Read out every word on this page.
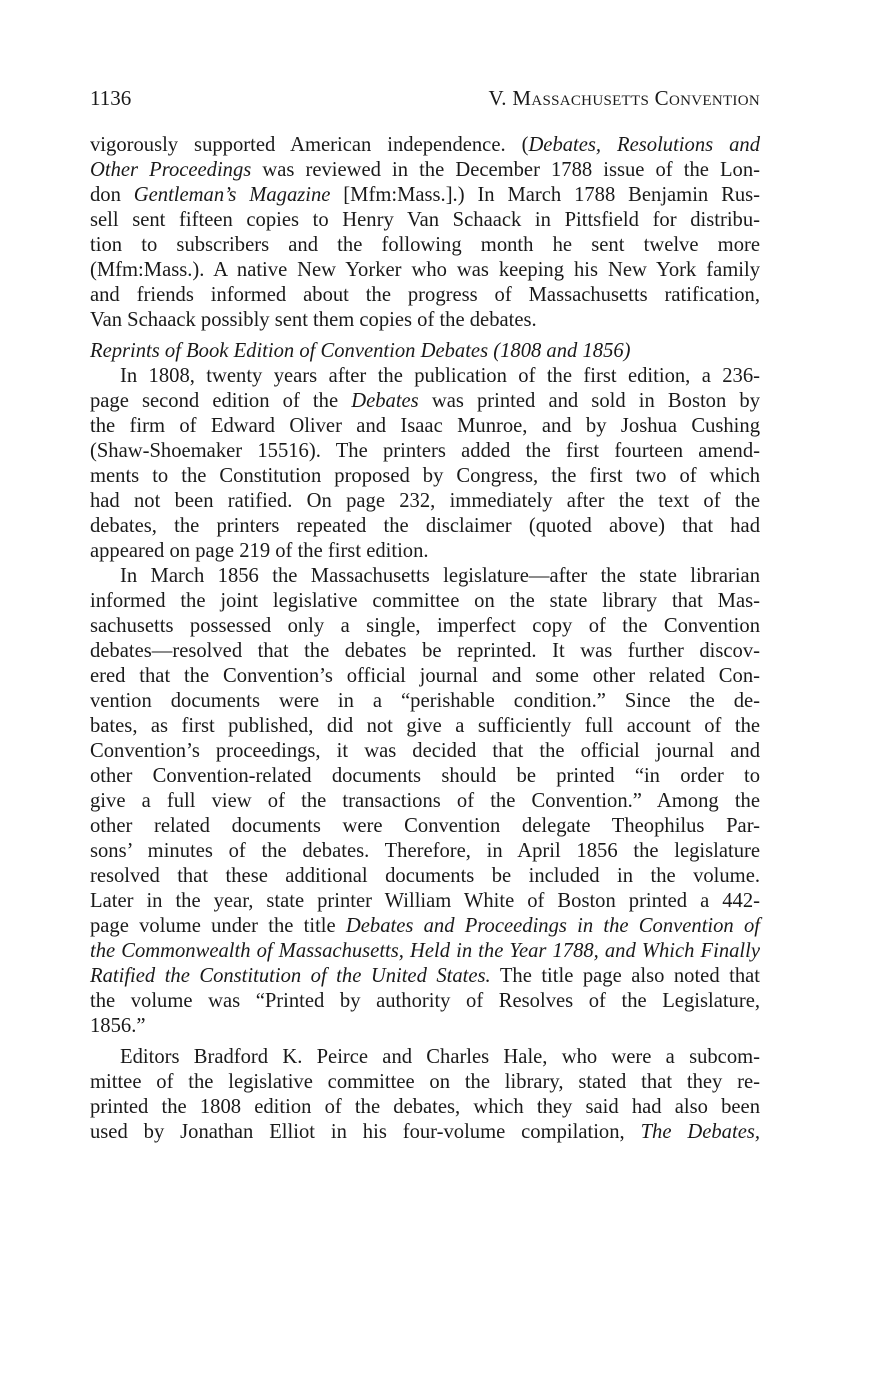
1136	V. Massachusetts Convention
vigorously supported American independence. (Debates, Resolutions and
Other Proceedings was reviewed in the December 1788 issue of the Lon-
don Gentleman’s Magazine [Mfm:Mass.].) In March 1788 Benjamin Rus-
sell sent fifteen copies to Henry Van Schaack in Pittsfield for distribu-
tion to subscribers and the following month he sent twelve more
(Mfm:Mass.). A native New Yorker who was keeping his New York family
and friends informed about the progress of Massachusetts ratification,
Van Schaack possibly sent them copies of the debates.
Reprints of Book Edition of Convention Debates (1808 and 1856)
In 1808, twenty years after the publication of the first edition, a 236-
page second edition of the Debates was printed and sold in Boston by
the firm of Edward Oliver and Isaac Munroe, and by Joshua Cushing
(Shaw-Shoemaker 15516). The printers added the first fourteen amend-
ments to the Constitution proposed by Congress, the first two of which
had not been ratified. On page 232, immediately after the text of the
debates, the printers repeated the disclaimer (quoted above) that had
appeared on page 219 of the first edition.
In March 1856 the Massachusetts legislature—after the state librarian
informed the joint legislative committee on the state library that Mas-
sachusetts possessed only a single, imperfect copy of the Convention
debates—resolved that the debates be reprinted. It was further discov-
ered that the Convention’s official journal and some other related Con-
vention documents were in a “perishable condition.” Since the de-
bates, as first published, did not give a sufficiently full account of the
Convention’s proceedings, it was decided that the official journal and
other Convention-related documents should be printed “in order to
give a full view of the transactions of the Convention.” Among the
other related documents were Convention delegate Theophilus Par-
sons’ minutes of the debates. Therefore, in April 1856 the legislature
resolved that these additional documents be included in the volume.
Later in the year, state printer William White of Boston printed a 442-
page volume under the title Debates and Proceedings in the Convention of
the Commonwealth of Massachusetts, Held in the Year 1788, and Which Finally
Ratified the Constitution of the United States. The title page also noted that
the volume was “Printed by authority of Resolves of the Legislature,
1856.”
Editors Bradford K. Peirce and Charles Hale, who were a subcom-
mittee of the legislative committee on the library, stated that they re-
printed the 1808 edition of the debates, which they said had also been
used by Jonathan Elliot in his four-volume compilation, The Debates,
